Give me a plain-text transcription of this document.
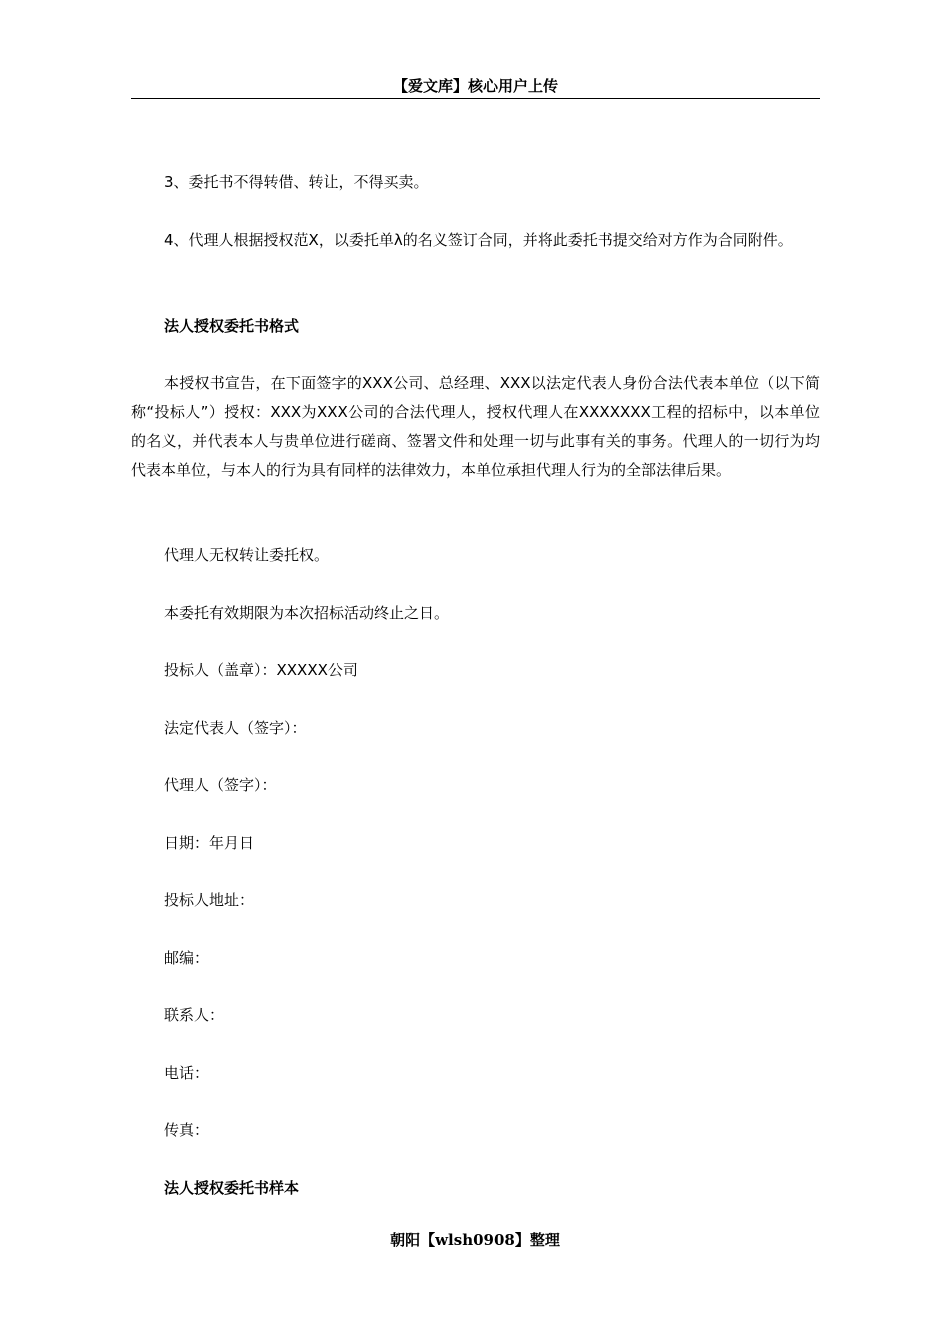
【爱文库】核心用户上传

3、委托书不得转借、转让，不得买卖。

4、代理人根据授权范X，以委托单λ的名义签订合同，并将此委托书提交给对方作为合同附件。

法人授权委托书格式

本授权书宣告，在下面签字的XXX公司、总经理、XXX以法定代表人身份合法代表本单位（以下简称“投标人”）授权：XXX为XXX公司的合法代理人，授权代理人在XXXXXXX工程的招标中，以本单位的名义，并代表本人与贵单位进行磋商、签署文件和处理一切与此事有关的事务。代理人的一切行为均代表本单位，与本人的行为具有同样的法律效力，本单位承担代理人行为的全部法律后果。

代理人无权转让委托权。

本委托有效期限为本次招标活动终止之日。

投标人（盖章）：XXXXX公司

法定代表人（签字）：

代理人（签字）：

日期：年月日

投标人地址：

邮编：

联系人：

电话：

传真：

法人授权委托书样本

朝阳【wlsh0908】整理
